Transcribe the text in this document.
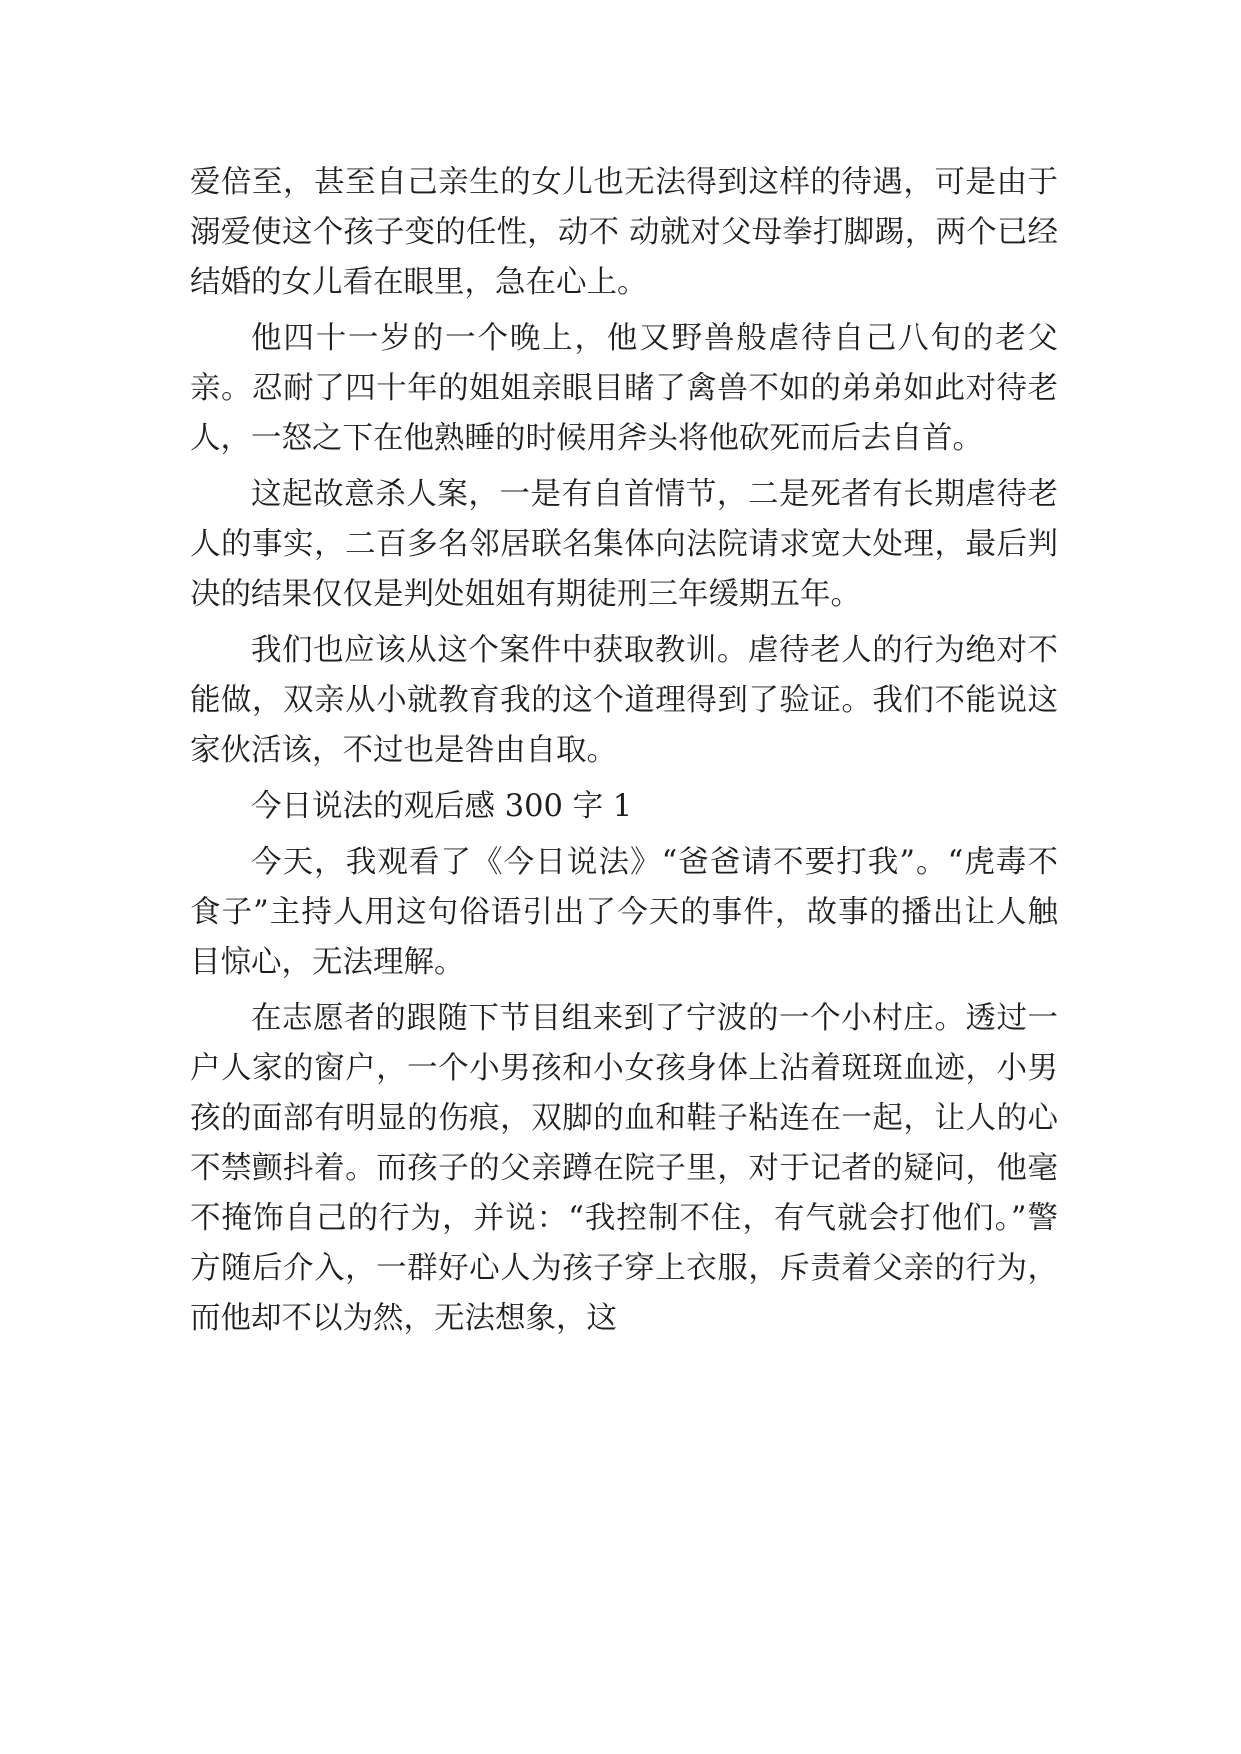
爱倍至，甚至自己亲生的女儿也无法得到这样的待遇，可是由于溺爱使这个孩子变的任性，动不 动就对父母拳打脚踢，两个已经结婚的女儿看在眼里，急在心上。

他四十一岁的一个晚上，他又野兽般虐待自己八旬的老父亲。忍耐了四十年的姐姐亲眼目睹了禽兽不如的弟弟如此对待老人，一怒之下在他熟睡的时候用斧头将他砍死而后去自首。

这起故意杀人案，一是有自首情节，二是死者有长期虐待老人的事实，二百多名邻居联名集体向法院请求宽大处理，最后判决的结果仅仅是判处姐姐有期徒刑三年缓期五年。

我们也应该从这个案件中获取教训。虐待老人的行为绝对不能做，双亲从小就教育我的这个道理得到了验证。我们不能说这家伙活该，不过也是咎由自取。

今日说法的观后感 300 字 1

今天，我观看了《今日说法》“爸爸请不要打我”。“虎毒不食子”主持人用这句俗语引出了今天的事件，故事的播出让人触目惊心，无法理解。

在志愿者的跟随下节目组来到了宁波的一个小村庄。透过一户人家的窗户，一个小男孩和小女孩身体上沾着斑斑血迹，小男孩的面部有明显的伤痕，双脚的血和鞋子粘连在一起，让人的心不禁颤抖着。而孩子的父亲蹲在院子里，对于记者的疑问，他毫不掩饰自己的行为，并说：“我控制不住，有气就会打他们。”警方随后介入，一群好心人为孩子穿上衣服，斥责着父亲的行为，而他却不以为然，无法想象，这
